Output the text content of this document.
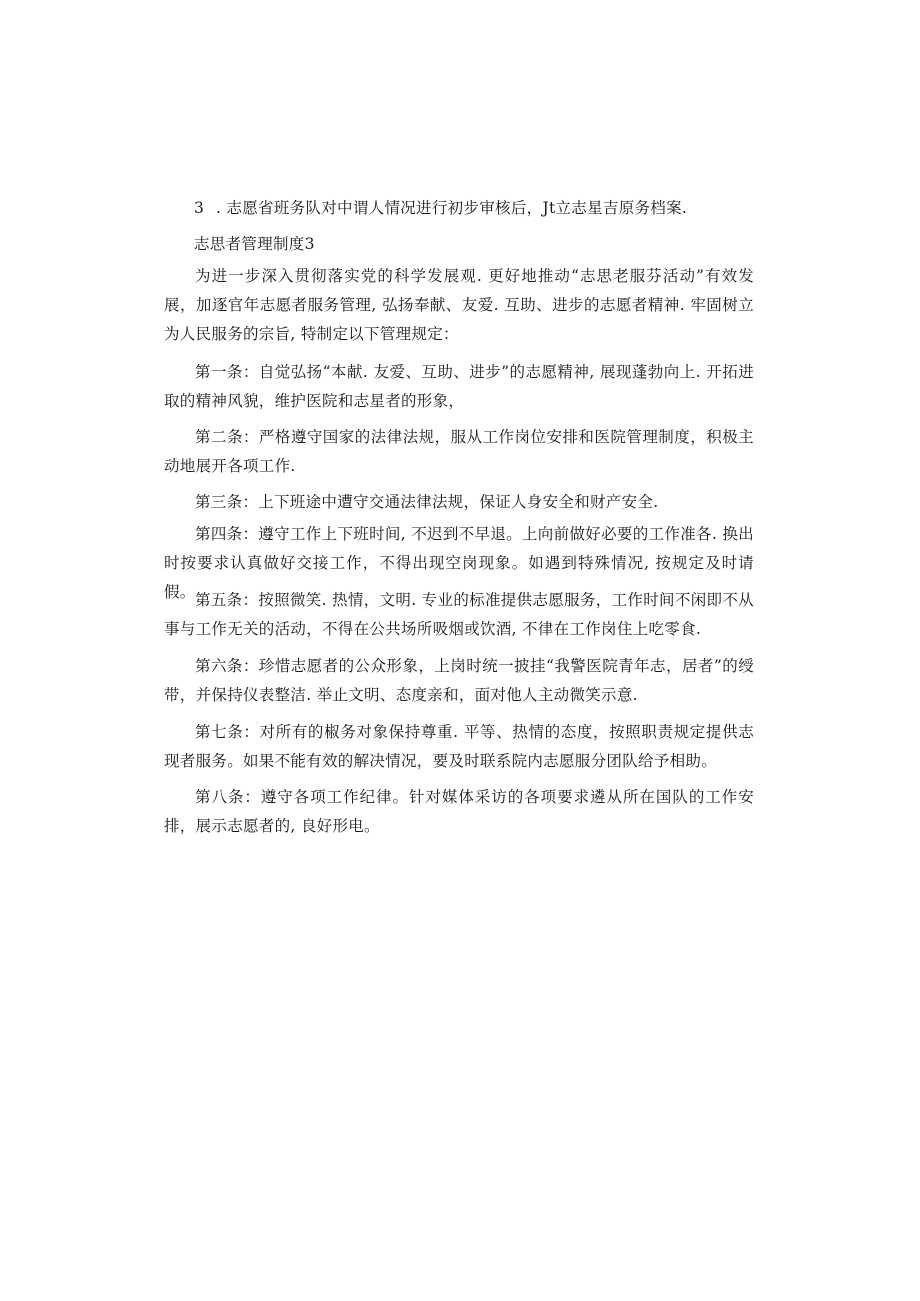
3 . 志愿省班务队对中谓人情况进行初步审核后，Jt立志星吉原务档案.

志思者管理制度3

为进一步深入贯彻落实党的科学发展观. 更好地推动“志思老服芬活动”有效发展，加逐官年志愿者服务管理, 弘扬奉献、友爱. 互助、进步的志愿者精神. 牢固树立为人民服务的宗旨, 特制定以下管理规定：

第一条：自觉弘扬“本献. 友爱、互助、进步”的志愿精神, 展现蓬勃向上. 开拓进取的精神风貌，维护医院和志星者的形象，

第二条：严格遵守国家的法律法规，服从工作岗位安排和医院管理制度，积极主动地展开各项工作.

第三条：上下班途中遭守交通法律法规，保证人身安全和财产安全.

第四条：遵守工作上下班时间, 不迟到不早退。上向前做好必要的工作准各. 换出时按要求认真做好交接工作，不得出现空岗现象。如遇到特殊情况, 按规定及时请假。 第五条：按照微笑. 热情，文明. 专业的标准提供志愿服务，工作时间不闲即不从事与工作无关的活动，不得在公共场所吸烟或饮酒, 不律在工作岗住上吃零食.

第六条：珍惜志愿者的公众形象，上岗时统一披挂“我警医院青年志，居者”的绶带，并保持仪表整洁. 举止文明、态度亲和，面对他人主动微笑示意.

第七条：对所有的椒务对象保持尊重. 平等、热情的态度，按照职责规定提供志现者服务。如果不能有效的解决情况，要及时联系院内志愿服分团队给予相助。

第八条：遵守各项工作纪律。针对媒体采访的各项要求遴从所在国队的工作安排，展示志愿者的, 良好形电。
